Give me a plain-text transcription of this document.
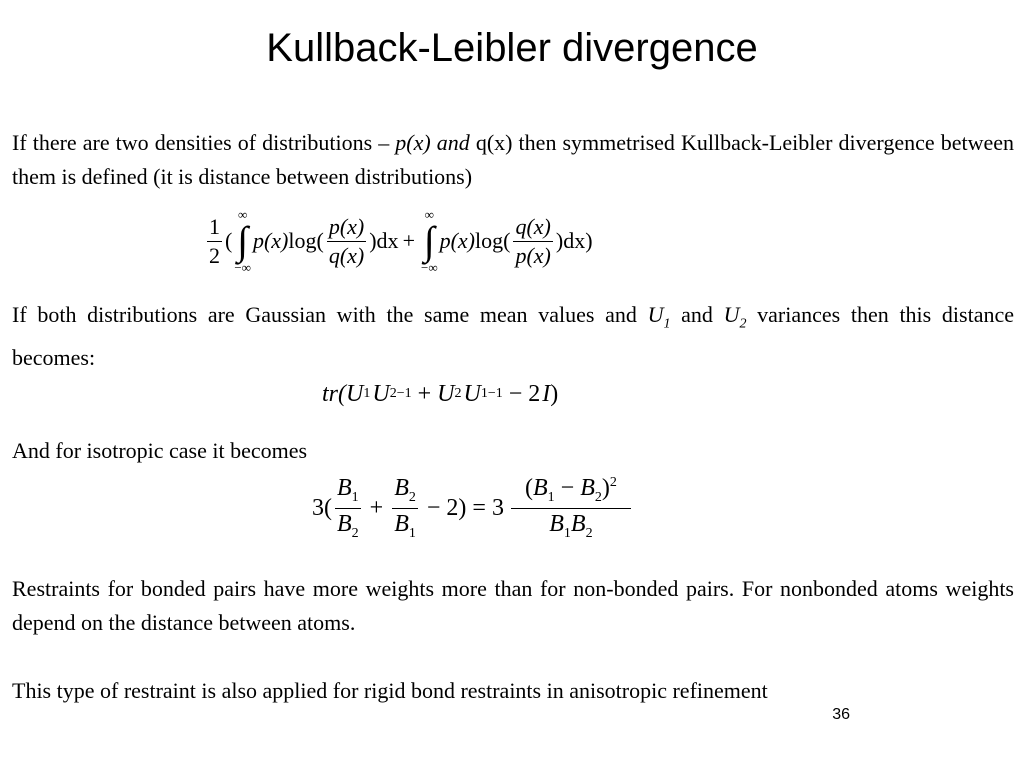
Kullback-Leibler divergence
If there are two densities of distributions – p(x) and q(x) then symmetrised Kullback-Leibler divergence between them is defined (it is distance between distributions)
$\frac{1}{2}$ (
∞
∫
−∞
p(x) $\log( \frac{p(x)}{q(x)} )dx$ +
∞
∫
−∞
p(x) $\log( \frac{q(x)}{p(x)} )dx$)
If both distributions are Gaussian with the same mean values and $U_1$ and $U_2$ variances then this distance becomes:
tr( U 1 U 2 −1 + U 2 U 1 −1 − 2 I )
And for isotropic case it becomes
$3( \frac{B_1}{B_2} + \frac{B_2}{B_1} - 2) = 3 \frac{(B_1 - B_2)^2}{B_1B_2}$
Restraints for bonded pairs have more weights more than for non-bonded pairs. For nonbonded atoms weights depend on the distance between atoms.
This type of restraint is also applied for rigid bond restraints in anisotropic refinement
36
